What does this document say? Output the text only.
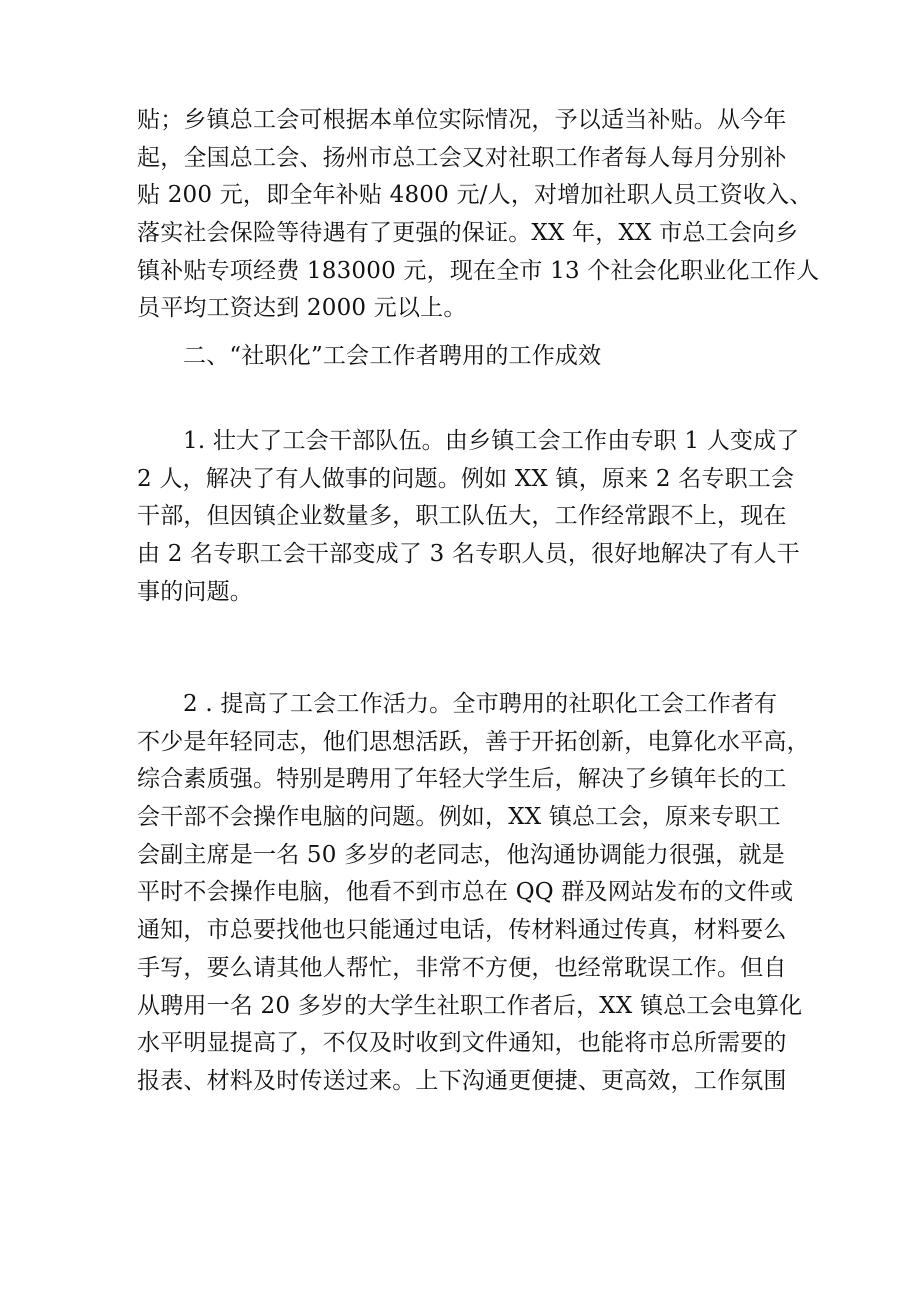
贴；乡镇总工会可根据本单位实际情况，予以适当补贴。从今年
起，全国总工会、扬州市总工会又对社职工作者每人每月分别补
贴 200 元，即全年补贴 4800 元/人，对增加社职人员工资收入、
落实社会保险等待遇有了更强的保证。XX 年，XX 市总工会向乡
镇补贴专项经费 183000 元，现在全市 13 个社会化职业化工作人
员平均工资达到 2000 元以上。
二、“社职化”工会工作者聘用的工作成效
1. 壮大了工会干部队伍。由乡镇工会工作由专职 1 人变成了
2 人，解决了有人做事的问题。例如 XX 镇，原来 2 名专职工会
干部，但因镇企业数量多，职工队伍大，工作经常跟不上，现在
由 2 名专职工会干部变成了 3 名专职人员，很好地解决了有人干
事的问题。
2 . 提高了工会工作活力。全市聘用的社职化工会工作者有
不少是年轻同志，他们思想活跃，善于开拓创新，电算化水平高，
综合素质强。特别是聘用了年轻大学生后，解决了乡镇年长的工
会干部不会操作电脑的问题。例如，XX 镇总工会，原来专职工
会副主席是一名 50 多岁的老同志，他沟通协调能力很强，就是
平时不会操作电脑，他看不到市总在 QQ 群及网站发布的文件或
通知，市总要找他也只能通过电话，传材料通过传真，材料要么
手写，要么请其他人帮忙，非常不方便，也经常耽误工作。但自
从聘用一名 20 多岁的大学生社职工作者后，XX 镇总工会电算化
水平明显提高了，不仅及时收到文件通知，也能将市总所需要的
报表、材料及时传送过来。上下沟通更便捷、更高效，工作氛围
